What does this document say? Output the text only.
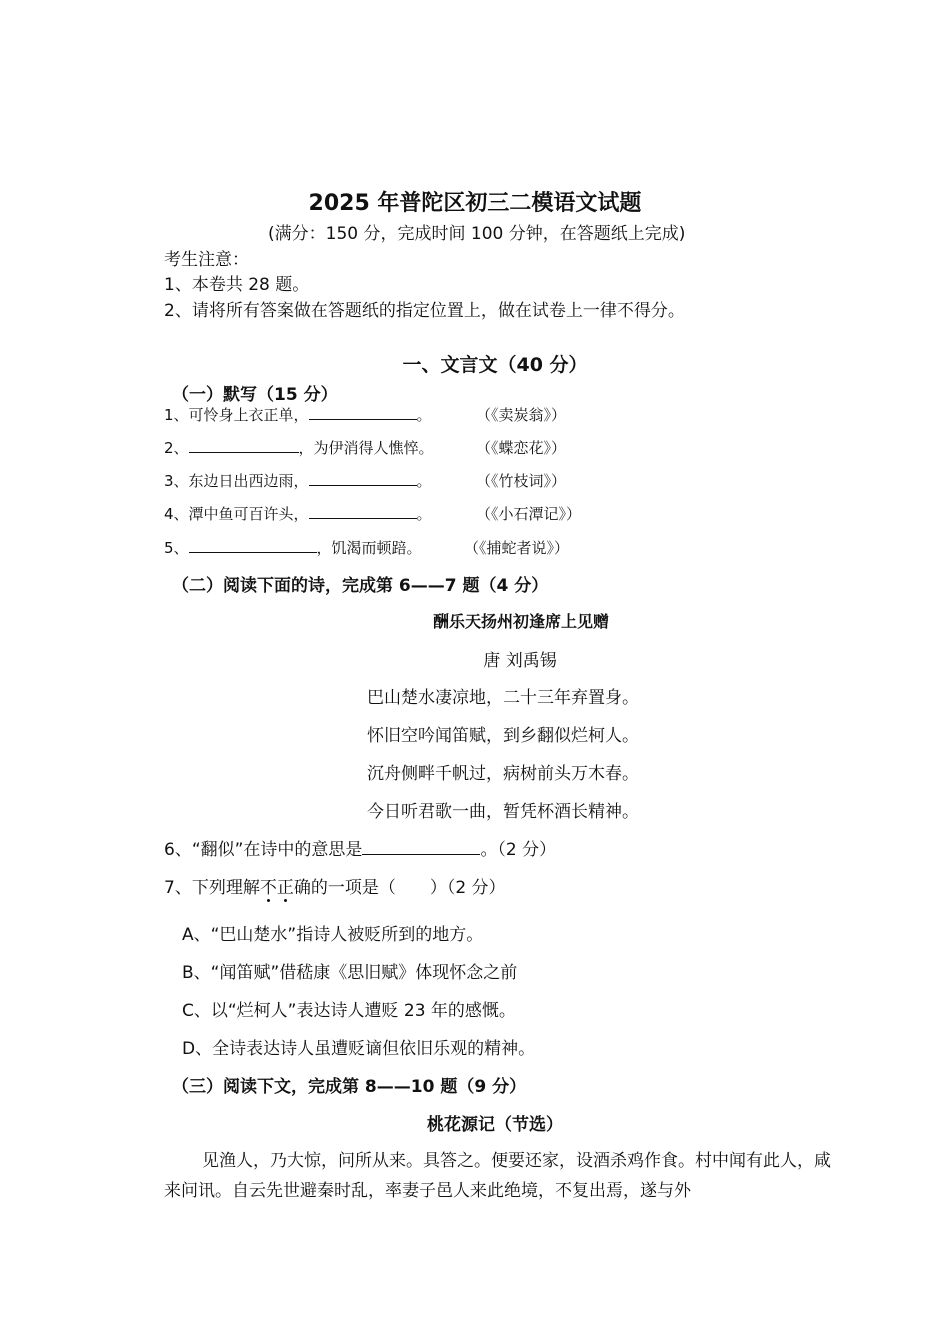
2025 年普陀区初三二模语文试题
(满分：150 分，完成时间 100 分钟，在答题纸上完成)
考生注意：
1、本卷共 28 题。
2、请将所有答案做在答题纸的指定位置上，做在试卷上一律不得分。
一、文言文（40 分）
（一）默写（15 分）
1、可怜身上衣正单，	。	（《卖炭翁》）
2、	，为伊消得人憔悴。	（《蝶恋花》）
3、东边日出西边雨，	。	（《竹枝词》）
4、潭中鱼可百许头，	。	（《小石潭记》）
5、	，饥渴而顿踣。	（《捕蛇者说》）
（二）阅读下面的诗，完成第 6——7 题（4 分）
酬乐天扬州初逢席上见赠
唐 刘禹锡
巴山楚水凄凉地，二十三年弃置身。
怀旧空吟闻笛赋，到乡翻似烂柯人。
沉舟侧畔千帆过，病树前头万木春。
今日听君歌一曲，暂凭杯酒长精神。
6、“翻似”在诗中的意思是	。（2 分）
7、下列理解不正
确的一项是（　　）（2 分）
A、“巴山楚水”指诗人被贬所到的地方。
B、“闻笛赋”借嵇康《思旧赋》体现怀念之前
C、以“烂柯人”表达诗人遭贬 23 年的感慨。
D、全诗表达诗人虽遭贬谪但依旧乐观的精神。
（三）阅读下文，完成第 8——10 题（9 分）
桃花源记（节选）
见渔人，乃大惊，问所从来。具答之。便要还家，设酒杀鸡作食。村中闻有此人，咸来问讯。自云先世避秦时乱，率妻子邑人来此绝境，不复出焉，遂与外
